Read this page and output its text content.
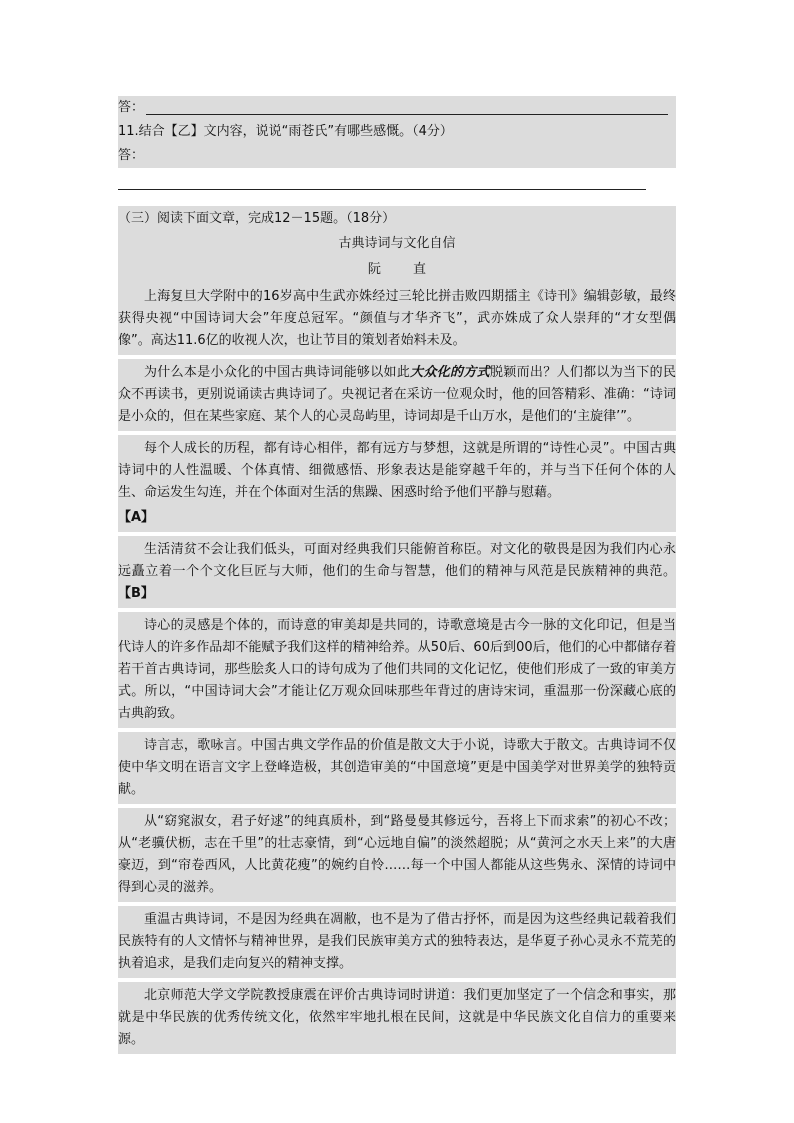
答：
11.结合【乙】文内容，说说“雨苍氏”有哪些感慨。（4分）
答：
（三）阅读下面文章，完成12－15题。（18分）
古典诗词与文化自信
阮 直

上海复旦大学附中的16岁高中生武亦姝经过三轮比拼击败四期擂主《诗刊》编辑彭敏，最终获得央视“中国诗词大会”年度总冠军。“颜值与才华齐飞”，武亦姝成了众人崇拜的“才女型偶像”。高达11.6亿的收视人次，也让节目的策划者始料未及。

为什么本是小众化的中国古典诗词能够以如此大众化的方式脱颖而出？人们都以为当下的民众不再读书，更别说诵读古典诗词了。央视记者在采访一位观众时，他的回答精彩、准确：“诗词是小众的，但在某些家庭、某个人的心灵岛屿里，诗词却是千山万水，是他们的‘主旋律’”。

每个人成长的历程，都有诗心相伴，都有远方与梦想，这就是所谓的“诗性心灵”。中国古典诗词中的人性温暖、个体真情、细微感悟、形象表达是能穿越千年的，并与当下任何个体的人生、命运发生勾连，并在个体面对生活的焦躁、困惑时给予他们平静与慰藉。

【A】

生活清贫不会让我们低头，可面对经典我们只能俯首称臣。对文化的敬畏是因为我们内心永远矗立着一个个文化巨匠与大师，他们的生命与智慧，他们的精神与风范是民族精神的典范。【B】

诗心的灵感是个体的，而诗意的审美却是共同的，诗歌意境是古今一脉的文化印记，但是当代诗人的许多作品却不能赋予我们这样的精神给养。从50后、60后到00后，他们的心中都储存着若干首古典诗词，那些脍炙人口的诗句成为了他们共同的文化记忆，使他们形成了一致的审美方式。所以，“中国诗词大会”才能让亿万观众回味那些年背过的唐诗宋词，重温那一份深藏心底的古典韵致。

诗言志，歌咏言。中国古典文学作品的价值是散文大于小说，诗歌大于散文。古典诗词不仅使中华文明在语言文字上登峰造极，其创造审美的“中国意境”更是中国美学对世界美学的独特贡献。

从“窈窕淑女，君子好逑”的纯真质朴，到“路曼曼其修远兮，吾将上下而求索”的初心不改；从“老骥伏枥，志在千里”的壮志豪情，到“心远地自偏”的淡然超脱；从“黄河之水天上来”的大唐豪迈，到“帘卷西风，人比黄花瘦”的婉约自怜……每一个中国人都能从这些隽永、深情的诗词中得到心灵的滋养。

重温古典诗词，不是因为经典在凋敝，也不是为了借古抒怀，而是因为这些经典记载着我们民族特有的人文情怀与精神世界，是我们民族审美方式的独特表达，是华夏子孙心灵永不荒芜的执着追求，是我们走向复兴的精神支撑。

北京师范大学文学院教授康震在评价古典诗词时讲道：我们更加坚定了一个信念和事实，那就是中华民族的优秀传统文化，依然牢牢地扎根在民间，这就是中华民族文化自信力的重要来源。
